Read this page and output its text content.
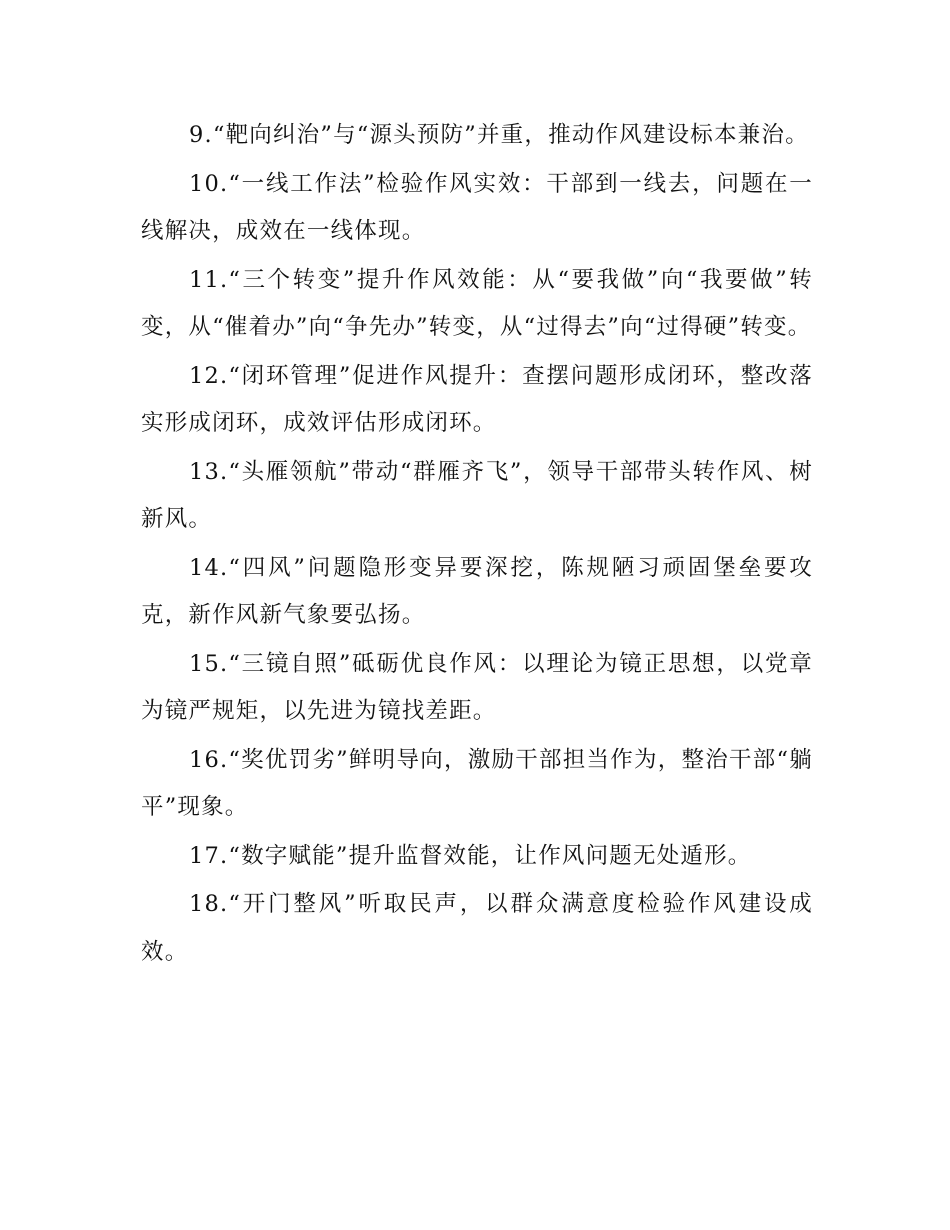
9.“靶向纠治”与“源头预防”并重，推动作风建设标本兼治。

10.“一线工作法”检验作风实效：干部到一线去，问题在一线解决，成效在一线体现。

11.“三个转变”提升作风效能：从“要我做”向“我要做”转变，从“催着办”向“争先办”转变，从“过得去”向“过得硬”转变。

12.“闭环管理”促进作风提升：查摆问题形成闭环，整改落实形成闭环，成效评估形成闭环。

13.“头雁领航”带动“群雁齐飞”，领导干部带头转作风、树新风。

14.“四风”问题隐形变异要深挖，陈规陋习顽固堡垒要攻克，新作风新气象要弘扬。

15.“三镜自照”砥砺优良作风：以理论为镜正思想，以党章为镜严规矩，以先进为镜找差距。

16.“奖优罚劣”鲜明导向，激励干部担当作为，整治干部“躺平”现象。

17.“数字赋能”提升监督效能，让作风问题无处遁形。

18.“开门整风”听取民声，以群众满意度检验作风建设成效。
